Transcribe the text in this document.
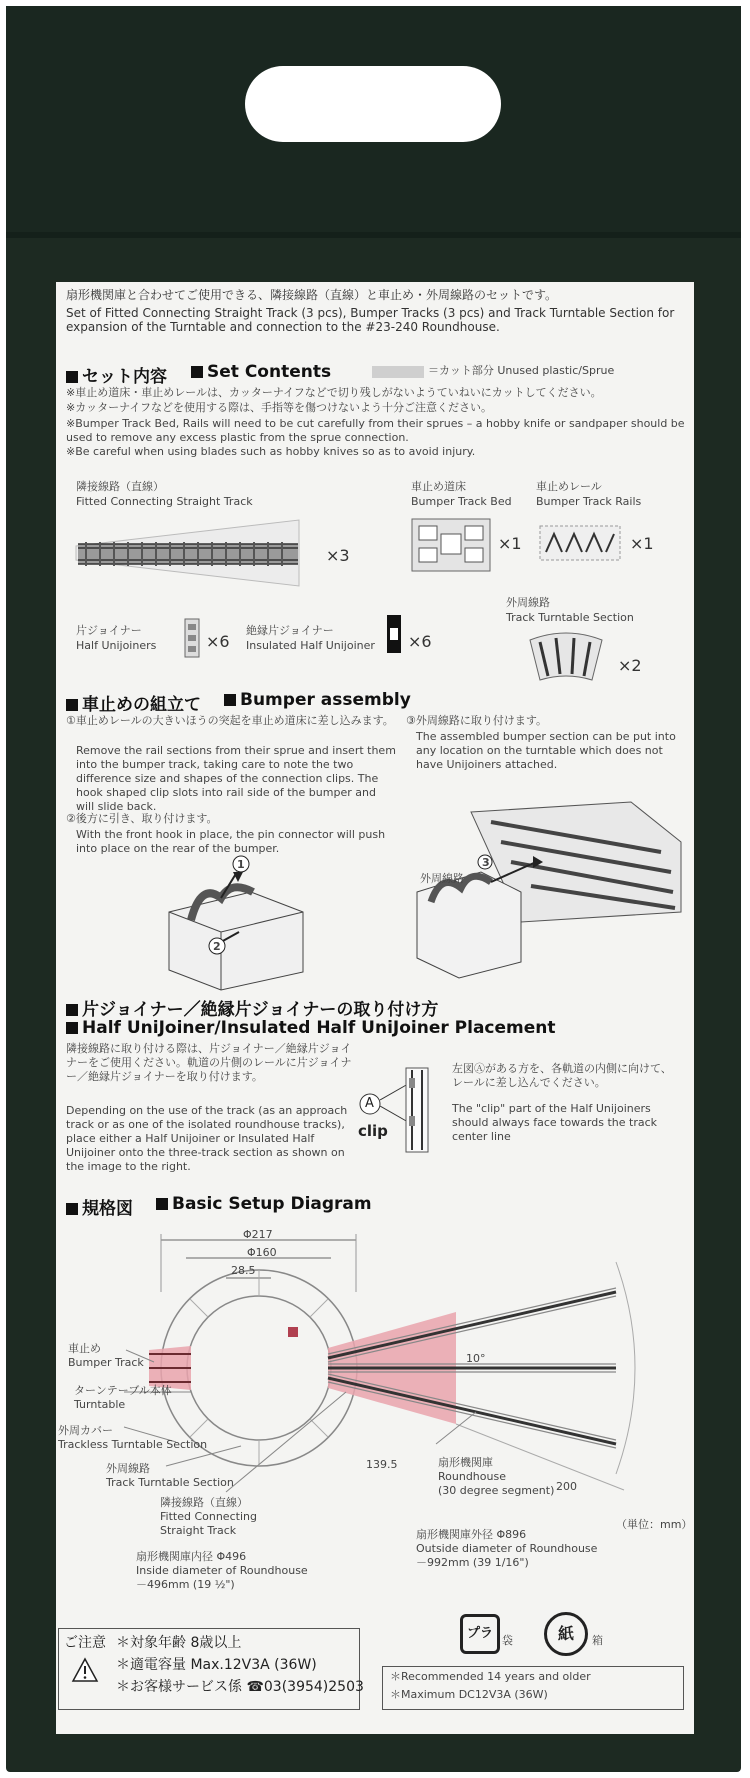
扇形機関庫と合わせてご使用できる、隣接線路（直線）と車止め・外周線路のセットです。
Set of Fitted Connecting Straight Track (3 pcs), Bumper Tracks (3 pcs) and Track Turntable Section for expansion of the Turntable and connection to the #23-240 Roundhouse.
セット内容	Set Contents	＝カット部分 Unused plastic/Sprue
※車止め道床・車止めレールは、カッターナイフなどで切り残しがないようていねいにカットしてください。
※カッターナイフなどを使用する際は、手指等を傷つけないよう十分ご注意ください。
※Bumper Track Bed, Rails will need to be cut carefully from their sprues – a hobby knife or sandpaper should be used to remove any excess plastic from the sprue connection.
※Be careful when using blades such as hobby knives so as to avoid injury.
隣接線路（直線）
Fitted Connecting Straight Track
×3
車止め道床
Bumper Track Bed
×1
車止めレール
Bumper Track Rails
×1
片ジョイナー
Half Unijoiners	×6
絶縁片ジョイナー
Insulated Half Unijoiner ×6
外周線路
Track Turntable Section
×2
車止めの組立て	Bumper assembly
①車止めレールの大きいほうの突起を車止め道床に差し込みます。
Remove the rail sections from their sprue and insert them into the bumper track, taking care to note the two difference size and shapes of the connection clips. The hook shaped clip slots into rail side of the bumper and will slide back.
②後方に引き、取り付けます。
With the front hook in place, the pin connector will push into place on the rear of the bumper.
③外周線路に取り付けます。
The assembled bumper section can be put into any location on the turntable which does not have Unijoiners attached.
1
2
外周線路
3
片ジョイナー／絶縁片ジョイナーの取り付け方
Half UniJoiner/Insulated Half UniJoiner Placement
隣接線路に取り付ける際は、片ジョイナー／絶縁片ジョイナーをご使用ください。軌道の片側のレールに片ジョイナー／絶縁片ジョイナーを取り付けます。
Depending on the use of the track (as an approach track or as one of the isolated roundhouse tracks), place either a Half Unijoiner or Insulated Half Unijoiner onto the three-track section as shown on the image to the right.
A
clip
左図Ⓐがある方を、各軌道の内側に向けて、レールに差し込んでください。
The "clip" part of the Half Unijoiners should always face towards the track center line
規格図	Basic Setup Diagram
Φ217
Φ160
28.5
139.5
200
10°
（単位：mm）
車止め
Bumper Track
ターンテーブル本体
Turntable
外周カバー
Trackless Turntable Section
外周線路
Track Turntable Section
隣接線路（直線）
Fitted Connecting
Straight Track
扇形機関庫内径 Φ496
Inside diameter of Roundhouse
－496mm (19 ½")
扇形機関庫
Roundhouse
(30 degree segment)
扇形機関庫外径 Φ896
Outside diameter of Roundhouse
－992mm (39 1/16")
ご注意 ＊対象年齢 8歳以上
＊適電容量 Max.12V3A (36W)
＊お客様サービス係 ☎03(3954)2503
プラ 袋	紙	箱
＊Recommended 14 years and older
＊Maximum DC12V3A (36W)
